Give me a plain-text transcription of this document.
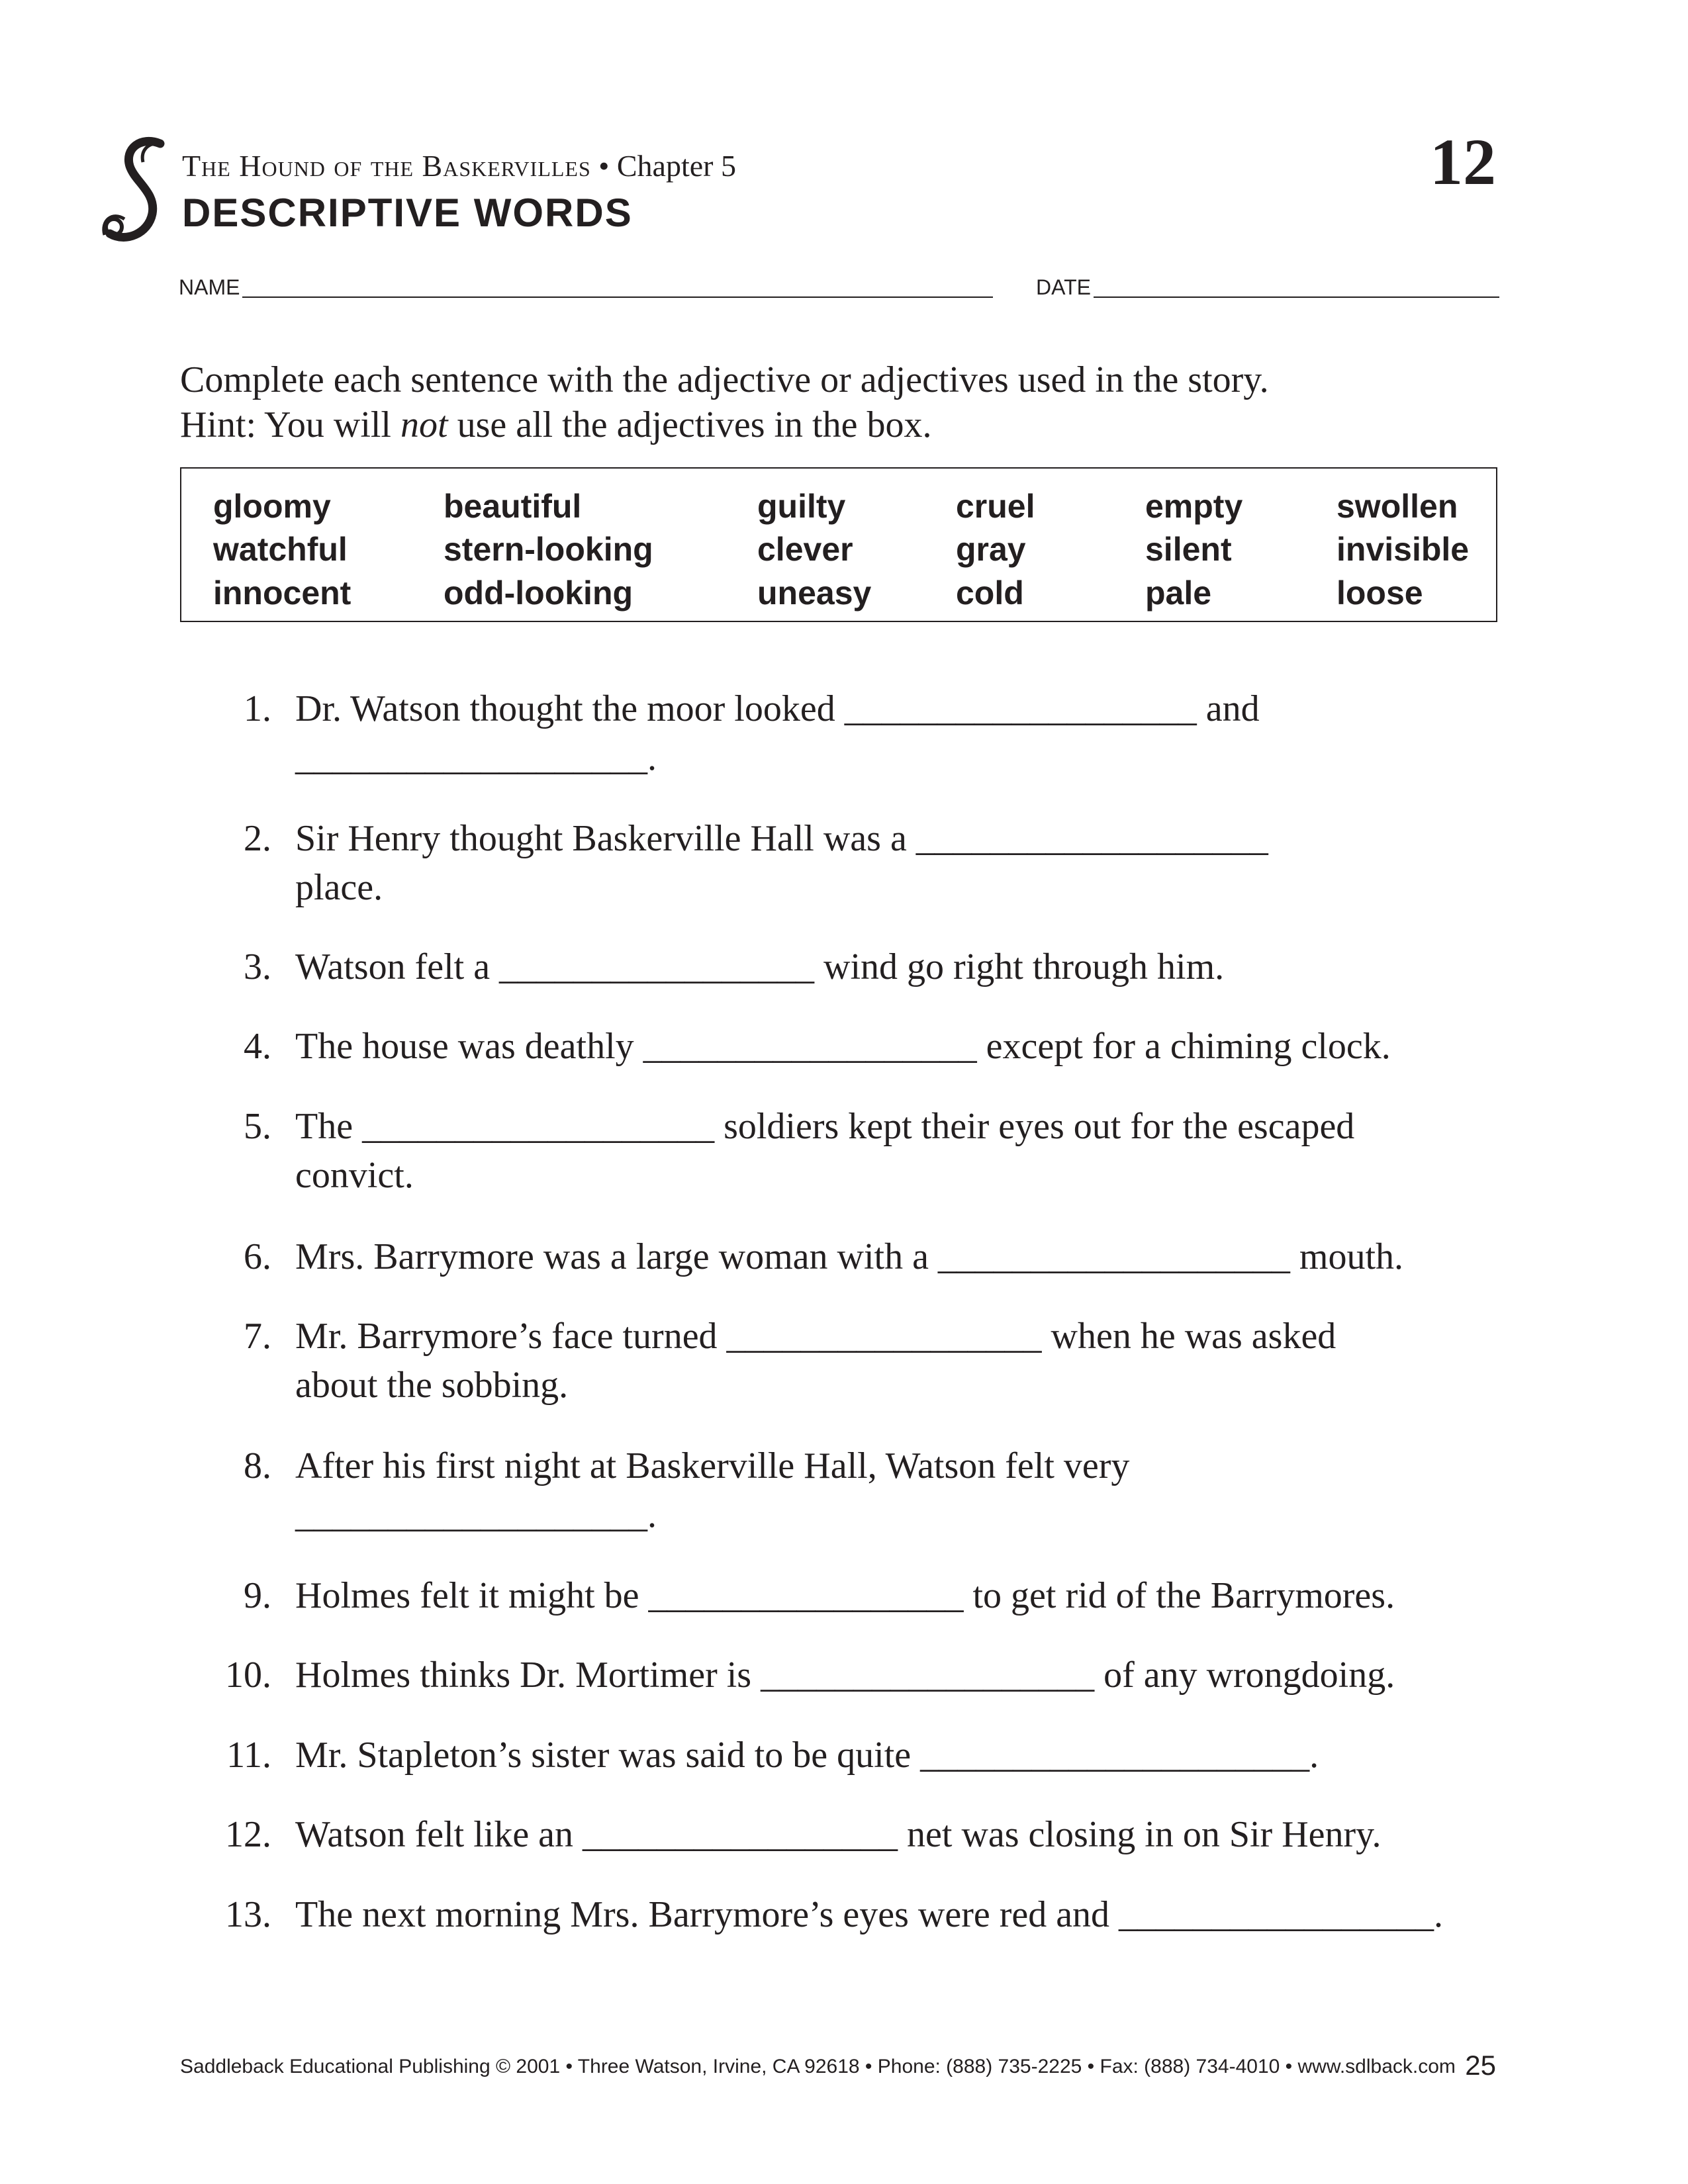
The Hound of the Baskervilles • Chapter 5
DESCRIPTIVE WORDS
12
NAME	DATE
Complete each sentence with the adjective or adjectives used in the story.
Hint: You will not use all the adjectives in the box.
gloomy
watchful
innocent
beautiful
stern-looking
odd-looking
guilty
clever
uneasy
cruel
gray
cold
empty
silent
pale
swollen
invisible
loose
1. Dr. Watson thought the moor looked ___________________ and
___________________.
2. Sir Henry thought Baskerville Hall was a ___________________
place.
3. Watson felt a _________________ wind go right through him.
4. The house was deathly __________________ except for a chiming clock.
5. The ___________________ soldiers kept their eyes out for the escaped
convict.
6. Mrs. Barrymore was a large woman with a ___________________ mouth.
7. Mr. Barrymore’s face turned _________________ when he was asked
about the sobbing.
8. After his first night at Baskerville Hall, Watson felt very
___________________.
9. Holmes felt it might be _________________ to get rid of the Barrymores.
10. Holmes thinks Dr. Mortimer is __________________ of any wrongdoing.
11. Mr. Stapleton’s sister was said to be quite _____________________.
12. Watson felt like an _________________ net was closing in on Sir Henry.
13. The next morning Mrs. Barrymore’s eyes were red and _________________.
Saddleback Educational Publishing © 2001 • Three Watson, Irvine, CA 92618 • Phone: (888) 735-2225 • Fax: (888) 734-4010 • www.sdlback.com 25
